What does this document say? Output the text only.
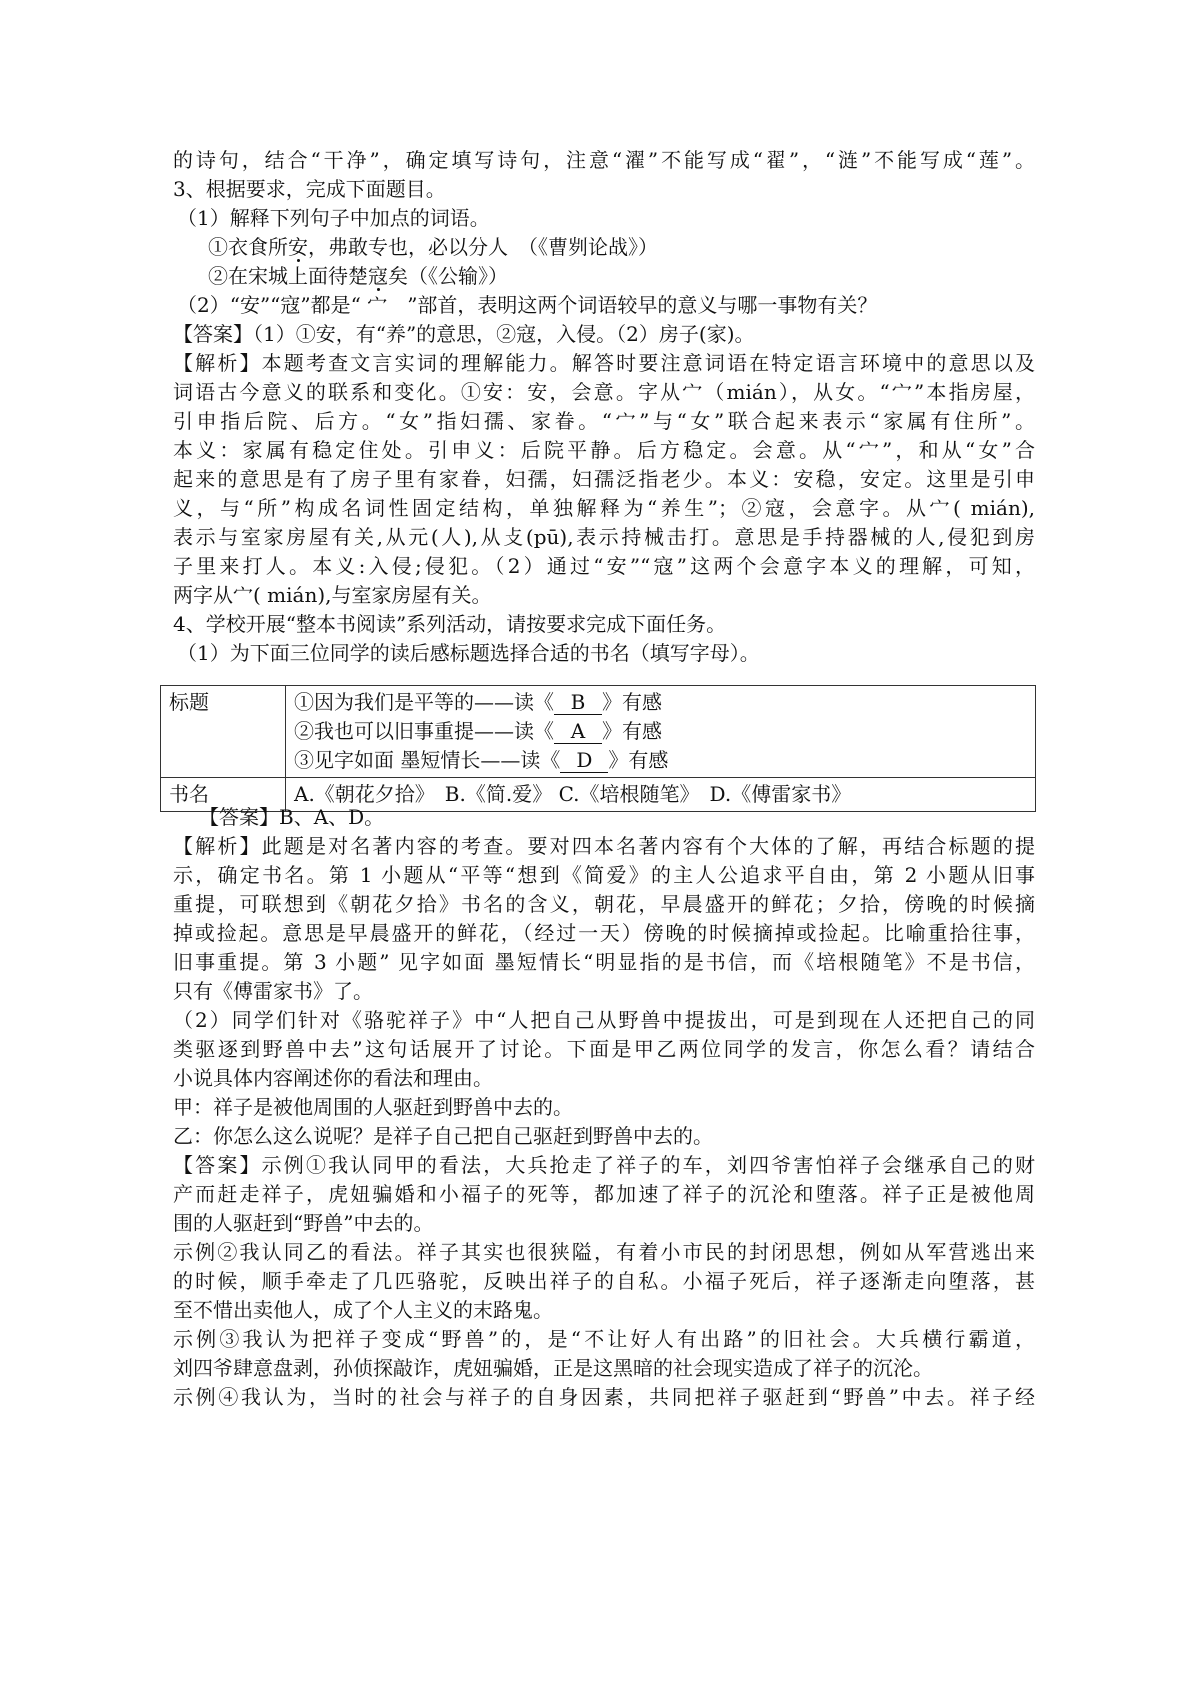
的诗句，结合“干净”，确定填写诗句，注意“濯”不能写成“翟”，“涟”不能写成“莲”。
3、根据要求，完成下面题目。
（1）解释下列句子中加点的词语。
①衣食所安，弗敢专也，必以分人　（《曹刿论战》）
②在宋城上面待楚寇矣（《公输》）
（2）“安”“寇”都是“ 宀　”部首，表明这两个词语较早的意义与哪一事物有关？
【答案】（1）①安，有“养”的意思，②寇，入侵。（2）房子(家)。
【解析】本题考查文言实词的理解能力。解答时要注意词语在特定语言环境中的意思以及
词语古今意义的联系和变化。①安：安，会意。字从宀（mián），从女。“宀”本指房屋，
引申指后院、后方。“女”指妇孺、家眷。“宀”与“女”联合起来表示“家属有住所”。
本义：家属有稳定住处。引申义：后院平静。后方稳定。会意。从“宀”，和从“女”合
起来的意思是有了房子里有家眷，妇孺，妇孺泛指老少。本义：安稳，安定。这里是引申
义，与“所”构成名词性固定结构，单独解释为“养生”；②寇，会意字。从宀( mián),
表示与室家房屋有关,从元(人),从攴(pū),表示持械击打。意思是手持器械的人,侵犯到房
子里来打人。本义:入侵;侵犯。（2）通过“安”“寇”这两个会意字本义的理解，可知，
两字从宀( mián),与室家房屋有关。
4、学校开展“整本书阅读”系列活动，请按要求完成下面任务。
（1）为下面三位同学的读后感标题选择合适的书名（填写字母）。
标题	①因为我们是平等的——读《 B 》有感
②我也可以旧事重提——读《 A 》有感
③见字如面 墨短情长——读《 D 》有感

书名	A.《朝花夕拾》　B.《简.爱》 C.《培根随笔》　D.《傅雷家书》
【答案】B、A、D。
【解析】此题是对名著内容的考查。要对四本名著内容有个大体的了解，再结合标题的提
示，确定书名。第 1 小题从“平等“想到《简爱》的主人公追求平自由，第 2 小题从旧事
重提，可联想到《朝花夕拾》书名的含义，朝花，早晨盛开的鲜花；夕拾，傍晚的时候摘
掉或捡起。意思是早晨盛开的鲜花，（经过一天）傍晚的时候摘掉或捡起。比喻重拾往事，
旧事重提。第 3 小题” 见字如面 墨短情长“明显指的是书信，而《培根随笔》不是书信，
只有《傅雷家书》了。
（2）同学们针对《骆驼祥子》中“人把自己从野兽中提拔出，可是到现在人还把自己的同
类驱逐到野兽中去”这句话展开了讨论。下面是甲乙两位同学的发言，你怎么看？请结合
小说具体内容阐述你的看法和理由。
甲：祥子是被他周围的人驱赶到野兽中去的。
乙：你怎么这么说呢？是祥子自己把自己驱赶到野兽中去的。
【答案】示例①我认同甲的看法，大兵抢走了祥子的车，刘四爷害怕祥子会继承自己的财
产而赶走祥子，虎妞骗婚和小福子的死等，都加速了祥子的沉沦和堕落。祥子正是被他周
围的人驱赶到“野兽”中去的。
示例②我认同乙的看法。祥子其实也很狭隘，有着小市民的封闭思想，例如从军营逃出来
的时候，顺手牵走了几匹骆驼，反映出祥子的自私。小福子死后，祥子逐渐走向堕落，甚
至不惜出卖他人，成了个人主义的末路鬼。
示例③我认为把祥子变成“野兽”的，是“不让好人有出路”的旧社会。大兵横行霸道，
刘四爷肆意盘剥，孙侦探敲诈，虎妞骗婚，正是这黑暗的社会现实造成了祥子的沉沦。
示例④我认为，当时的社会与祥子的自身因素，共同把祥子驱赶到“野兽”中去。祥子经
